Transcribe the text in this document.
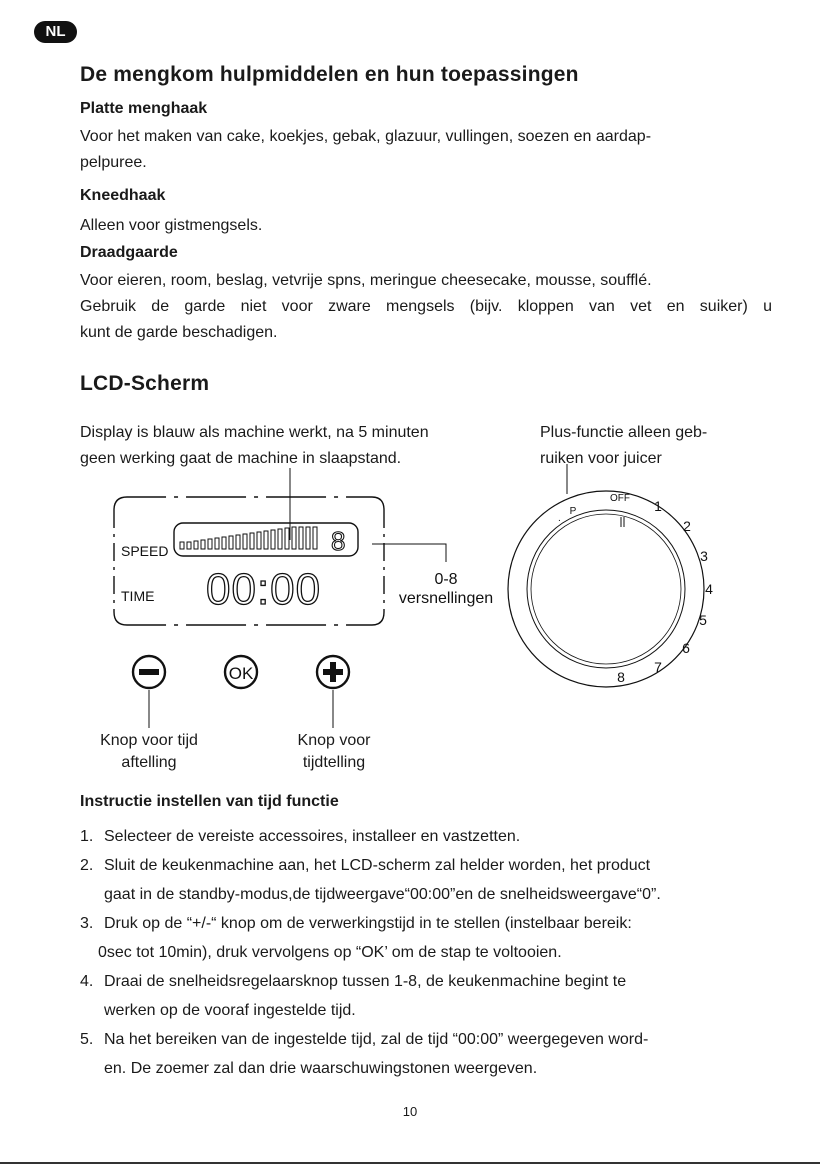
NL
De mengkom hulpmiddelen en hun toepassingen
Platte menghaak
Voor het maken van cake, koekjes, gebak, glazuur, vullingen, soezen en aardap-
pelpuree.
Kneedhaak
Alleen voor gistmengsels.
Draadgaarde
Voor eieren, room, beslag, vetvrije spns, meringue cheesecake, mousse, soufflé.
Gebruik de garde niet voor zware mengsels (bijv. kloppen van vet en suiker) u
kunt de garde beschadigen.
LCD-Scherm
Display is blauw als machine werkt, na 5 minuten
geen werking gaat de machine in slaapstand.
Plus-functie alleen geb-
ruiken voor juicer
8
SPEED
TIME 00:00	0-8
versnellingen
OK
OFF
P
.
1
2
3
4
5
6
7
8
Knop voor tijd
aftelling
Knop voor
tijdtelling
Instructie instellen van tijd functie
1. Selecteer de vereiste accessoires, installeer en vastzetten.
2. Sluit de keukenmachine aan, het LCD-scherm zal helder worden, het product
gaat in de standby-modus,de tijdweergave“00:00”en de snelheidsweergave“0”.
3. Druk op de “+/-“ knop om de verwerkingstijd in te stellen (instelbaar bereik:
0sec tot 10min), druk vervolgens op “OK’ om de stap te voltooien.
4. Draai de snelheidsregelaarsknop tussen 1-8, de keukenmachine begint te
werken op de vooraf ingestelde tijd.
5. Na het bereiken van de ingestelde tijd, zal de tijd “00:00” weergegeven word-
en. De zoemer zal dan drie waarschuwingstonen weergeven.
10
